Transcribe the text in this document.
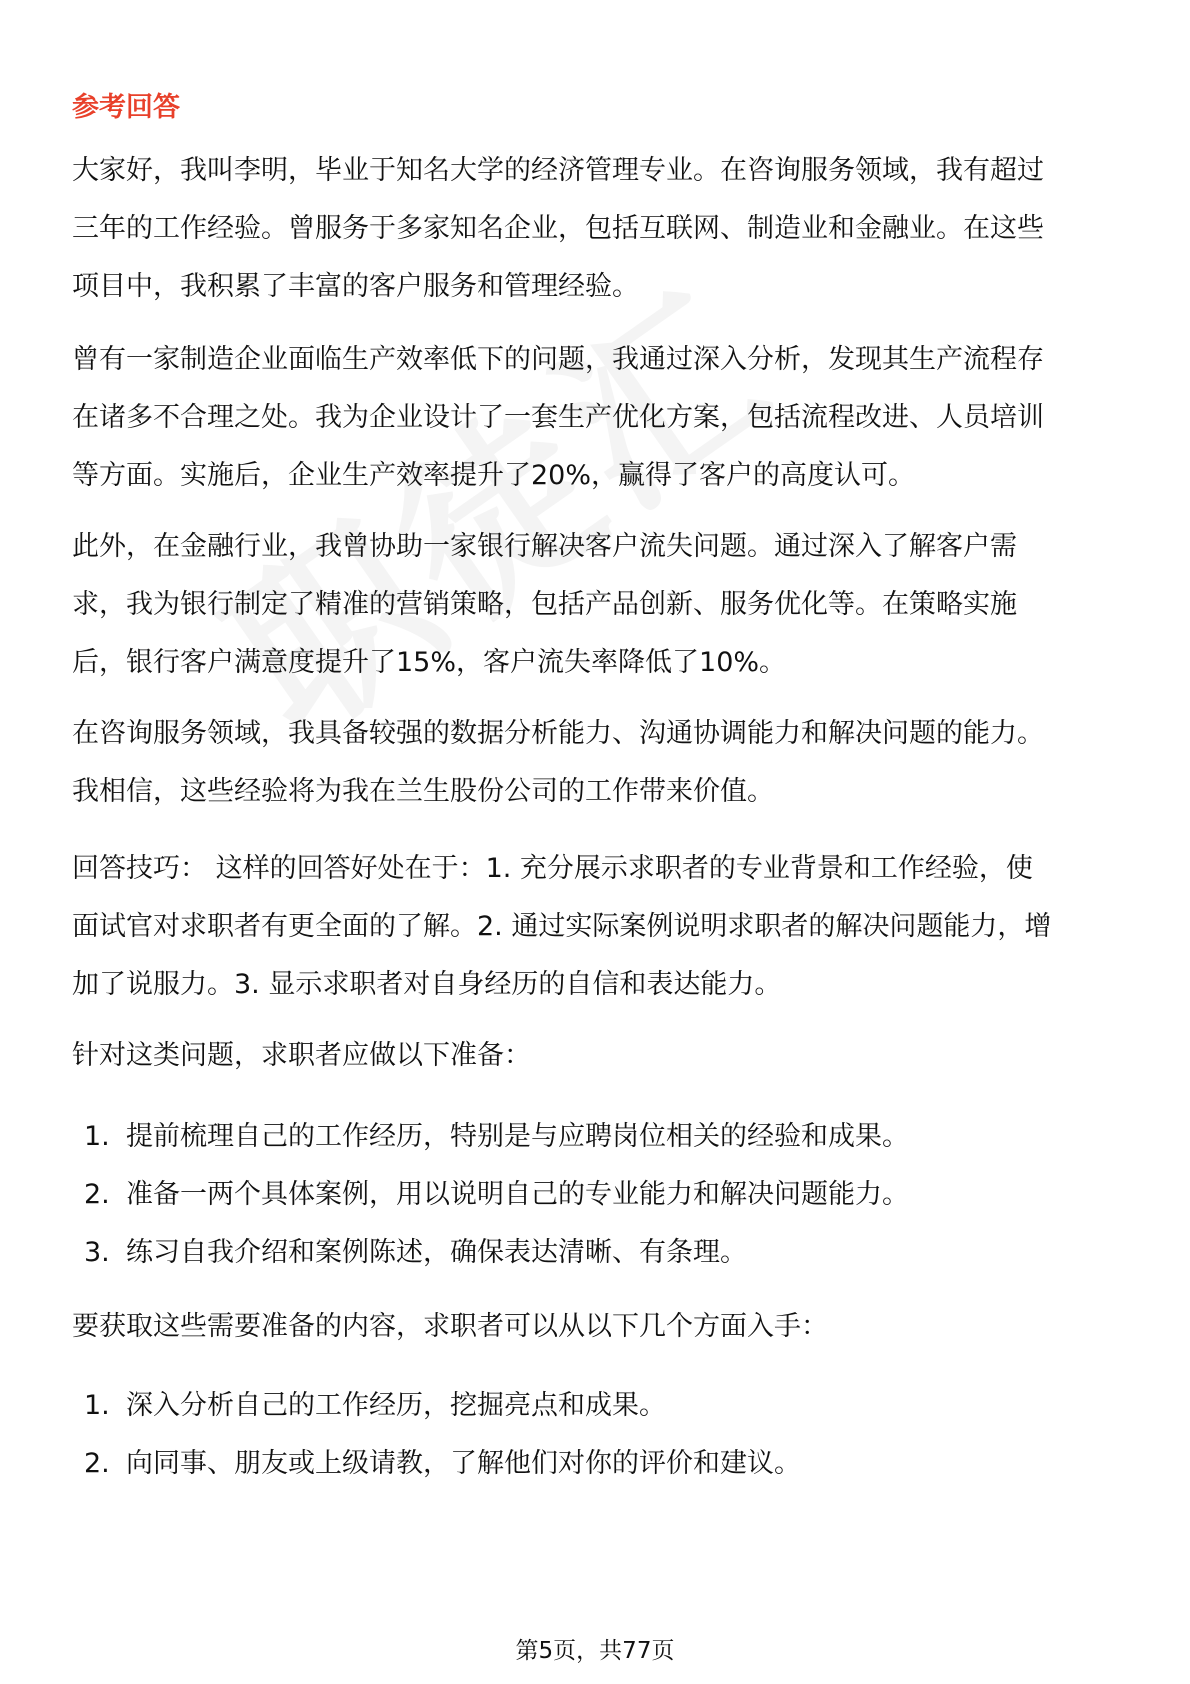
参考回答

大家好，我叫李明，毕业于知名大学的经济管理专业。在咨询服务领域，我有超过
三年的工作经验。曾服务于多家知名企业，包括互联网、制造业和金融业。在这些
项目中，我积累了丰富的客户服务和管理经验。

曾有一家制造企业面临生产效率低下的问题，我通过深入分析，发现其生产流程存
在诸多不合理之处。我为企业设计了一套生产优化方案，包括流程改进、人员培训
等方面。实施后，企业生产效率提升了20%，赢得了客户的高度认可。

此外，在金融行业，我曾协助一家银行解决客户流失问题。通过深入了解客户需
求，我为银行制定了精准的营销策略，包括产品创新、服务优化等。在策略实施
后，银行客户满意度提升了15%，客户流失率降低了10%。

在咨询服务领域，我具备较强的数据分析能力、沟通协调能力和解决问题的能力。
我相信，这些经验将为我在兰生股份公司的工作带来价值。

回答技巧： 这样的回答好处在于：1. 充分展示求职者的专业背景和工作经验，使
面试官对求职者有更全面的了解。2. 通过实际案例说明求职者的解决问题能力，增
加了说服力。3. 显示求职者对自身经历的自信和表达能力。

针对这类问题，求职者应做以下准备：

1. 提前梳理自己的工作经历，特别是与应聘岗位相关的经验和成果。
2. 准备一两个具体案例，用以说明自己的专业能力和解决问题能力。
3. 练习自我介绍和案例陈述，确保表达清晰、有条理。

要获取这些需要准备的内容，求职者可以从以下几个方面入手：

1. 深入分析自己的工作经历，挖掘亮点和成果。
2. 向同事、朋友或上级请教，了解他们对你的评价和建议。
第5页，共77页
